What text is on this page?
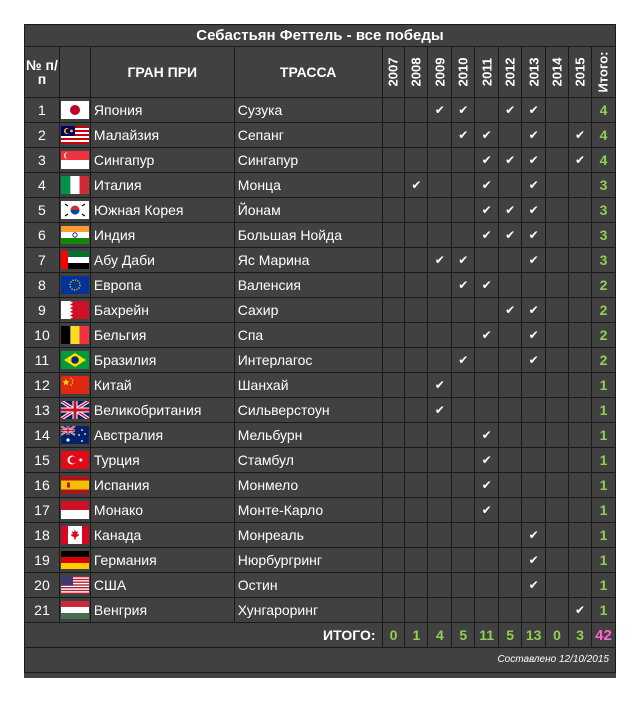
Себастьян Феттель - все победы													
№ п/п		ГРАН ПРИ	ТРАССА	2007	2008	2009	2010	2011	2012	2013	2014	2015	Итого:

1		Япония	Сузука			✔	✔		✔	✔			4
2		Малайзия	Сепанг				✔	✔		✔		✔	4
3		Сингапур	Сингапур					✔	✔	✔		✔	4
4		Италия	Монца		✔			✔		✔			3
5		Южная Корея	Йонам					✔	✔	✔			3
6		Индия	Большая Нойда					✔	✔	✔			3
7		Абу Даби	Яс Марина			✔	✔			✔			3
8		Европа	Валенсия				✔	✔					2
9		Бахрейн	Сахир						✔	✔			2
10		Бельгия	Спа					✔		✔			2
11		Бразилия	Интерлагос				✔			✔			2
12		Китай	Шанхай			✔							1
13		Великобритания	Сильверстоун			✔							1
14		Австралия	Мельбурн					✔					1
15		Турция	Стамбул					✔					1
16		Испания	Монмело					✔					1
17		Монако	Монте-Карло					✔					1
18		Канада	Монреаль							✔			1
19		Германия	Нюрбургринг							✔			1
20		США	Остин							✔			1
21		Венгрия	Хунгароринг									✔	1
ИТОГО:				0	1	4	5	11	5	13	0	3	42
Составлено 12/10/2015													
